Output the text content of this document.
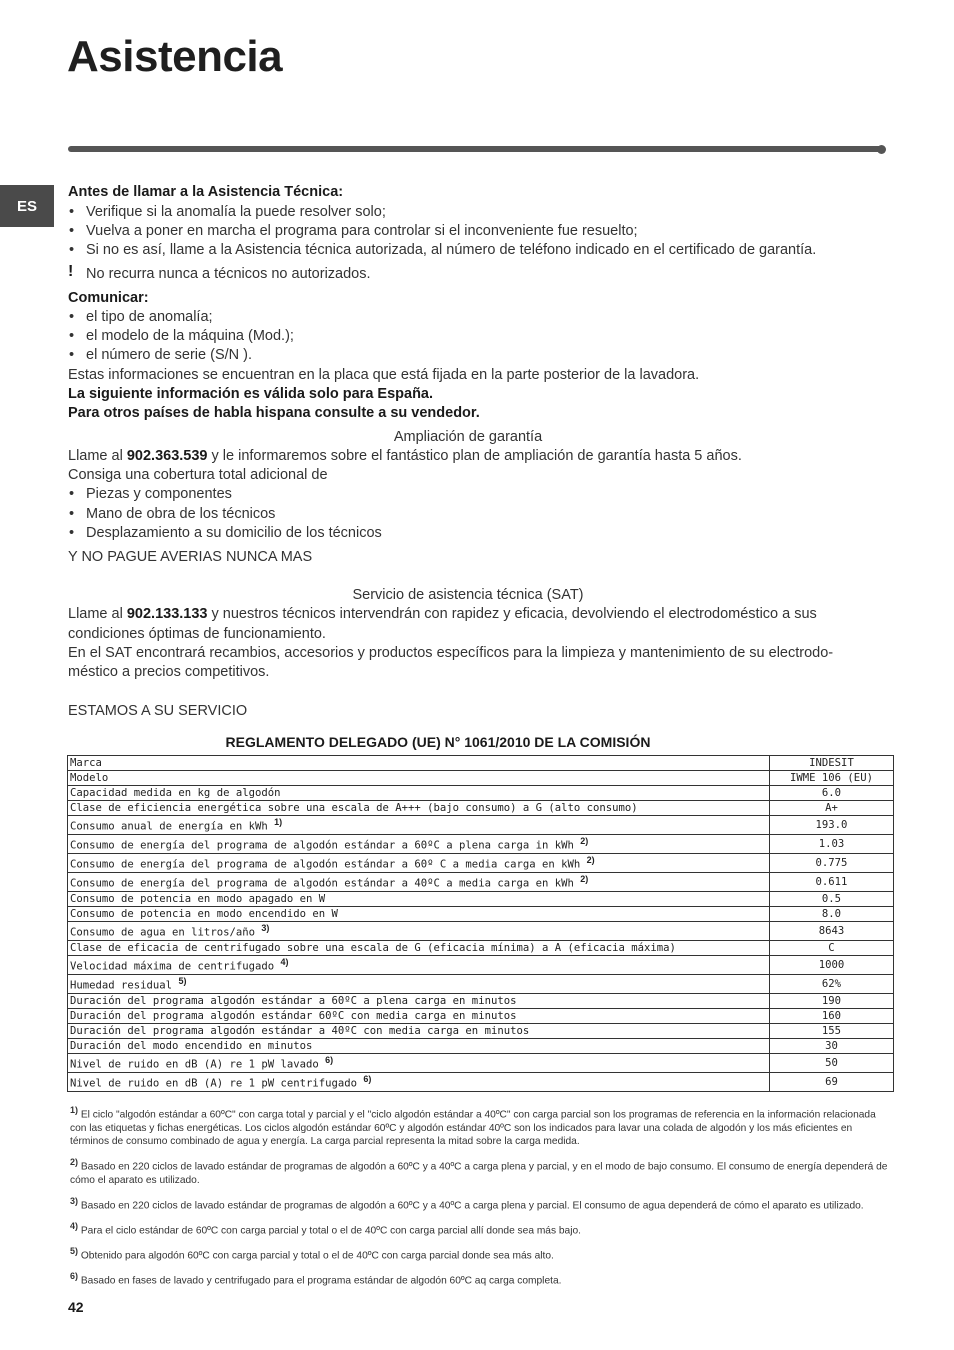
Asistencia
ES
Antes de llamar a la Asistencia Técnica:
• Verifique si la anomalía la puede resolver solo;
• Vuelva a poner en marcha el programa para controlar si el inconveniente fue resuelto;
• Si no es así, llame a la Asistencia técnica autorizada, al número de teléfono indicado en el certificado de garantía.
! No recurra nunca a técnicos no autorizados.
Comunicar:
• el tipo de anomalía;
• el modelo de la máquina (Mod.);
• el número de serie (S/N ).
Estas informaciones se encuentran en la placa que está fijada en la parte posterior de la lavadora.
La siguiente información es válida solo para España.
Para otros países de habla hispana consulte a su vendedor.
Ampliación de garantía
Llame al 902.363.539 y le informaremos sobre el fantástico plan de ampliación de garantía hasta 5 años.
Consiga una cobertura total adicional de
• Piezas y componentes
• Mano de obra de los técnicos
• Desplazamiento a su domicilio de los técnicos
Y NO PAGUE AVERIAS NUNCA MAS
Servicio de asistencia técnica (SAT)
Llame al 902.133.133 y nuestros técnicos intervendrán con rapidez y eficacia, devolviendo el electrodoméstico a sus
condiciones óptimas de funcionamiento.
En el SAT encontrará recambios, accesorios y productos específicos para la limpieza y mantenimiento de su electrodo-
méstico a precios competitivos.
ESTAMOS A SU SERVICIO
REGLAMENTO DELEGADO (UE) N° 1061/2010 DE LA COMISIÓN
Marca	INDESIT
Modelo	IWME 106 (EU)
Capacidad medida en kg de algodón	6.0
Clase de eficiencia energética sobre una escala de A+++ (bajo consumo) a G (alto consumo)	A+
Consumo anual de energía en kWh $^{1)}$	193.0
Consumo de energía del programa de algodón estándar a 60ºC a plena carga in kWh $^{2)}$	1.03
Consumo de energía del programa de algodón estándar a 60º C a media carga en kWh $^{2)}$	0.775
Consumo de energía del programa de algodón estándar a 40ºC a media carga en kWh $^{2)}$	0.611
Consumo de potencia en modo apagado en W	0.5
Consumo de potencia en modo encendido en W	8.0
Consumo de agua en litros/año $^{3)}$	8643
Clase de eficacia de centrifugado sobre una escala de G (eficacia mínima) a A (eficacia máxima)	C
Velocidad máxima de centrifugado $^{4)}$	1000
Humedad residual $^{5)}$	62%
Duración del programa algodón estándar a 60ºC a plena carga en minutos	190
Duración del programa algodón estándar 60ºC con media carga en minutos	160
Duración del programa algodón estándar a 40ºC con media carga en minutos	155
Duración del modo encendido en minutos	30
Nivel de ruido en dB (A) re 1 pW lavado $^{6)}$	50
Nivel de ruido en dB (A) re 1 pW centrifugado $^{6)}$	69
$^{1)}$ El ciclo "algodón estándar a 60ºC" con carga total y parcial y el "ciclo algodón estándar a 40ºC" con carga parcial son los programas de referencia en la información relacionada con las etiquetas y fichas energéticas. Los ciclos algodón estándar 60ºC y algodón estándar 40ºC son los indicados para lavar una colada de algodón y los más eficientes en términos de consumo combinado de agua y energía. La carga parcial representa la mitad sobre la carga medida.
$^{2)}$ Basado en 220 ciclos de lavado estándar de programas de algodón a 60ºC y a 40ºC a carga plena y parcial, y en el modo de bajo consumo. El consumo de energía dependerá de cómo el aparato es utilizado.
$^{3)}$ Basado en 220 ciclos de lavado estándar de programas de algodón a 60ºC y a 40ºC a carga plena y parcial. El consumo de agua dependerá de cómo el aparato es utilizado.
$^{4)}$ Para el ciclo estándar de 60ºC con carga parcial y total o el de 40ºC con carga parcial allí donde sea más bajo.
$^{5)}$ Obtenido para algodón 60ºC con carga parcial y total o el de 40ºC con carga parcial donde sea más alto.
$^{6)}$ Basado en fases de lavado y centrifugado para el programa estándar de algodón 60ºC aq carga completa.
42
